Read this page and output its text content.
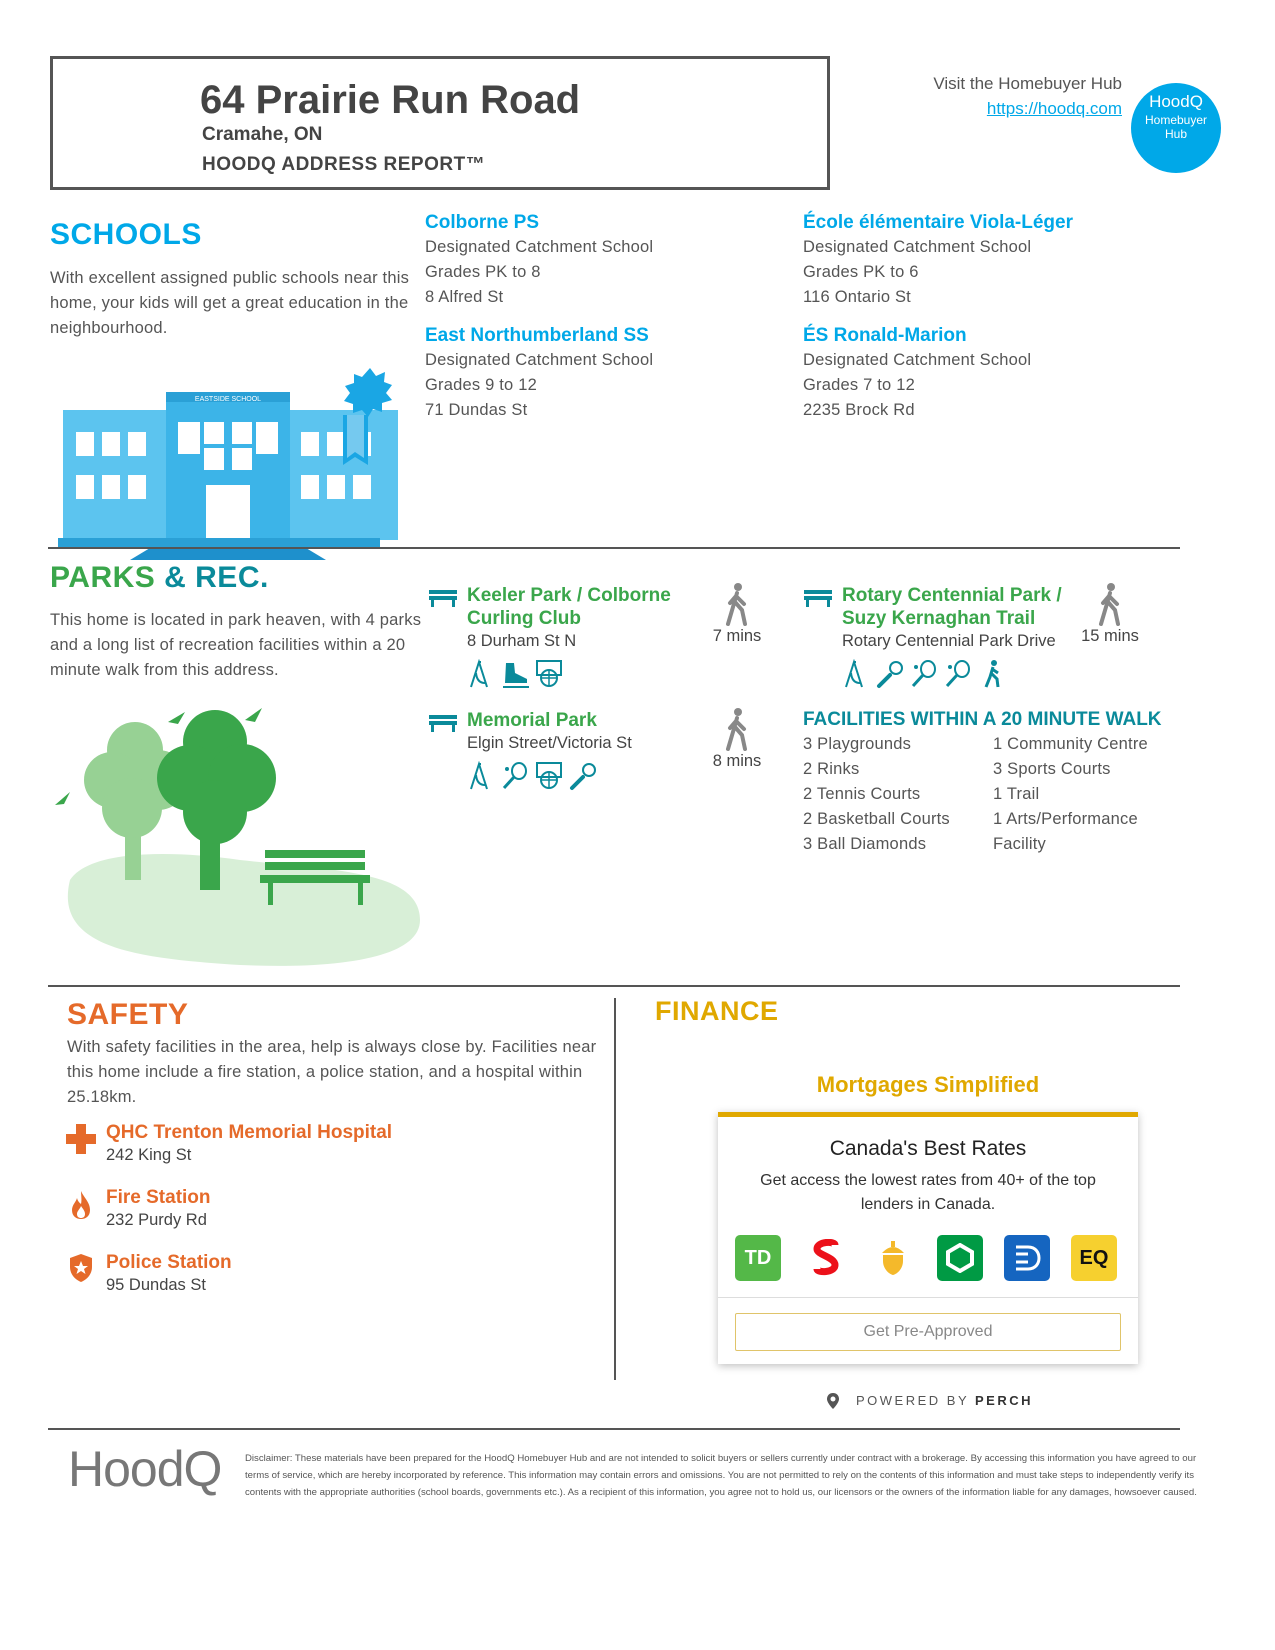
64 Prairie Run Road
Cramahe, ON
HOODQ ADDRESS REPORT™
Visit the Homebuyer Hub
https://hoodq.com	HoodQ
Homebuyer Hub
SCHOOLS
With excellent assigned public schools near this home, your kids will get a great education in the neighbourhood.
EASTSIDE SCHOOL
Colborne PS
Designated Catchment School
Grades PK to 8
8 Alfred St
École élémentaire Viola-Léger
Designated Catchment School
Grades PK to 6
116 Ontario St
East Northumberland SS
Designated Catchment School
Grades 9 to 12
71 Dundas St
ÉS Ronald-Marion
Designated Catchment School
Grades 7 to 12
2235 Brock Rd
PARKS & REC.
This home is located in park heaven, with 4 parks and a long list of recreation facilities within a 20 minute walk from this address.
Keeler Park / Colborne
Curling Club
8 Durham St N	7 mins
Rotary Centennial Park /
Suzy Kernaghan Trail
Rotary Centennial Park Drive	15 mins
Memorial Park
Elgin Street/Victoria St
8 mins
FACILITIES WITHIN A 20 MINUTE WALK
3 Playgrounds
2 Rinks
2 Tennis Courts
2 Basketball Courts
3 Ball Diamonds
1 Community Centre
3 Sports Courts
1 Trail
1 Arts/Performance
Facility
SAFETY
With safety facilities in the area, help is always close by. Facilities near this home include a fire station, a police station, and a hospital within 25.18km.
QHC Trenton Memorial Hospital
242 King St
Fire Station
232 Purdy Rd
Police Station
95 Dundas St
FINANCE
Mortgages Simplified
Canada's Best Rates
Get access the lowest rates from 40+ of the top lenders in Canada.
TD	EQ
Get Pre-Approved
POWERED BY PERCH
HoodQ Disclaimer: These materials have been prepared for the HoodQ Homebuyer Hub and are not intended to solicit buyers or sellers currently under contract with a brokerage. By accessing this information you have agreed to our terms of service, which are hereby incorporated by reference. This information may contain errors and omissions. You are not permitted to rely on the contents of this information and must take steps to independently verify its contents with the appropriate authorities (school boards, governments etc.). As a recipient of this information, you agree not to hold us, our licensors or the owners of the information liable for any damages, howsoever caused.
